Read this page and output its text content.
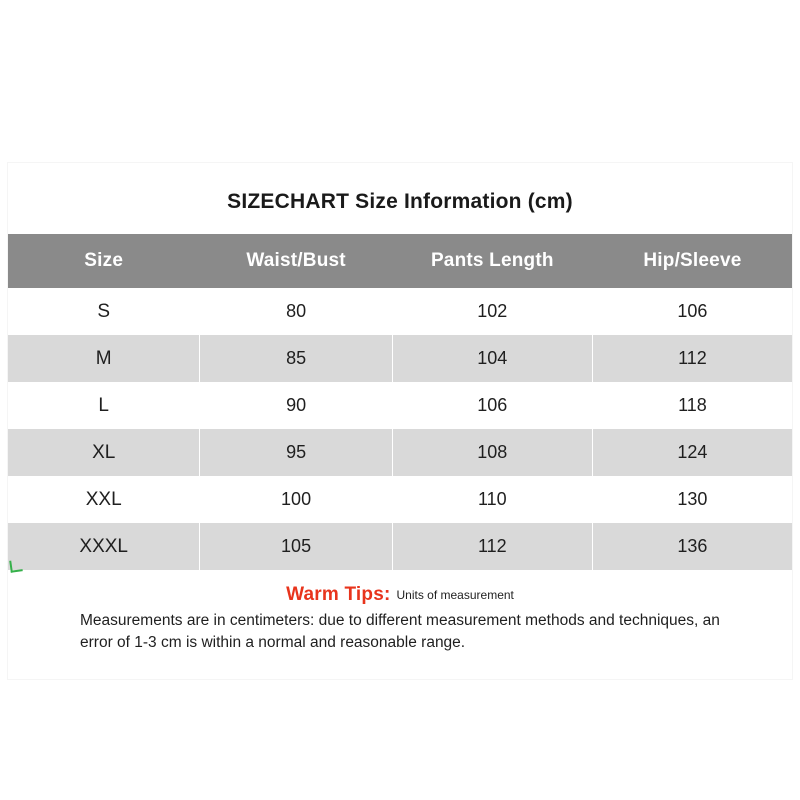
SIZECHART Size Information (cm)
Size	Waist/Bust	Pants Length	Hip/Sleeve
S	80	102	106
M	85	104	112
L	90	106	118
XL	95	108	124
XXL	100	110	130
XXXL	105	112	136
Warm Tips: Units of measurement
Measurements are in centimeters: due to different measurement methods and techniques, an error of 1-3 cm is within a normal and reasonable range.
